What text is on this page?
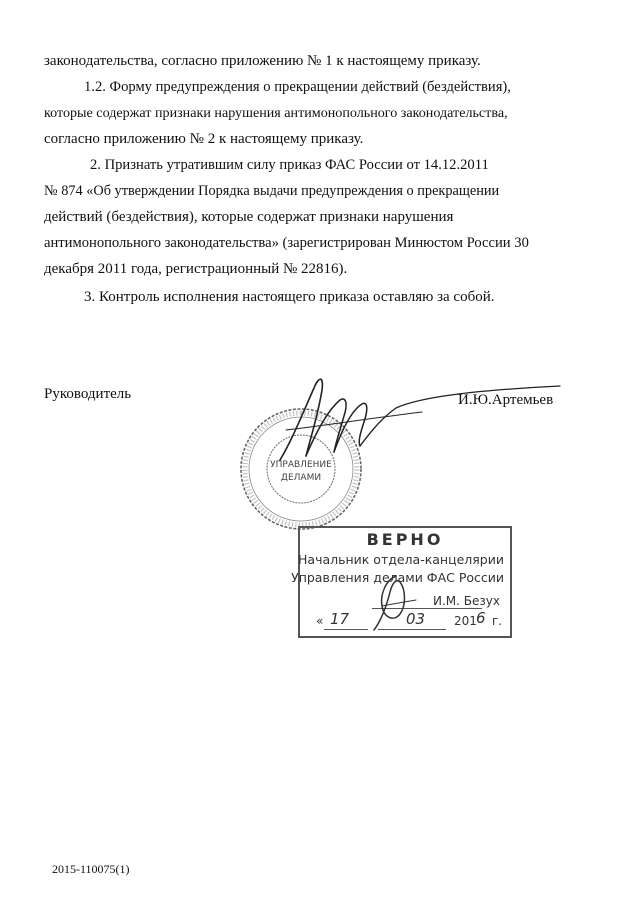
законодательства, согласно приложению № 1 к настоящему приказу.
1.2. Форму предупреждения о прекращении действий (бездействия),
которые содержат признаки нарушения антимонопольного законодательства,
согласно приложению № 2 к настоящему приказу.
2. Признать утратившим силу приказ ФАС России от 14.12.2011
№ 874 «Об утверждении Порядка выдачи предупреждения о прекращении
действий (бездействия), которые содержат признаки нарушения
антимонопольного законодательства» (зарегистрирован Минюстом России 30
декабря 2011 года, регистрационный № 22816).
3. Контроль исполнения настоящего приказа оставляю за собой.
Руководитель	И.Ю.Артемьев
УПРАВЛЕНИЕ
ДЕЛАМИ
ВЕРНО
Начальник отдела-канцелярии
Управления делами ФАС России
И.М. Безух
« 17	03 201 6 г.
2015-110075(1)
